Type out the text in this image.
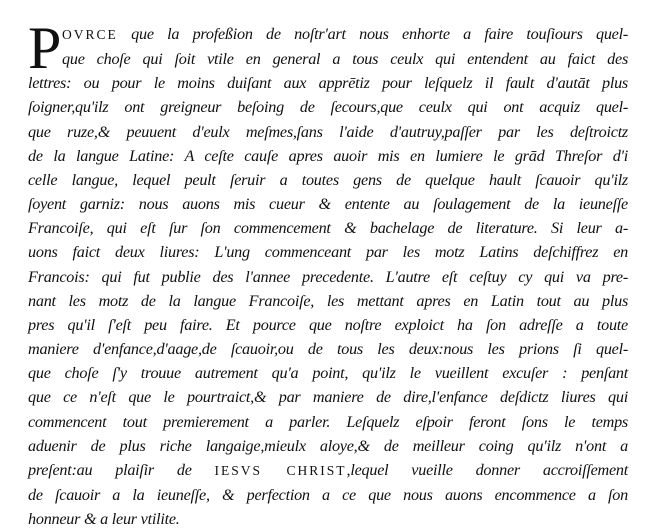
P OVRCE que la profeßion de noſtr'art nous enhorte a faire touſiours quel-
que choſe qui ſoit vtile en general a tous ceulx qui entendent au faict des
lettres: ou pour le moins duiſant aux apprētiz pour leſquelz il fault d'autāt plus
ſoigner,qu'ilz ont greigneur beſoing de ſecours,que ceulx qui ont acquiz quel-
que ruze,& peuuent d'eulx meſmes,ſans l'aide d'autruy,paſſer par les deſtroictz
de la langue Latine: A ceſte cauſe apres auoir mis en lumiere le grād Threſor d'i
celle langue, lequel peult ſeruir a toutes gens de quelque hault ſcauoir qu'ilz
ſoyent garniz: nous auons mis cueur & entente au ſoulagement de la ieuneſſe
Francoiſe, qui eſt ſur ſon commencement & bachelage de literature. Si leur a-
uons faict deux liures: L'ung commenceant par les motz Latins deſchiffrez en
Francois: qui fut publie des l'annee precedente. L'autre eſt ceſtuy cy qui va pre-
nant les motz de la langue Francoiſe, les mettant apres en Latin tout au plus
pres qu'il ſ'eſt peu faire. Et pource que noſtre exploict ha ſon adreſſe a toute
maniere d'enfance,d'aage,de ſcauoir,ou de tous les deux:nous les prions ſi quel-
que choſe ſ'y trouue autrement qu'a point, qu'ilz le vueillent excuſer : penſant
que ce n'eſt que le pourtraict,& par maniere de dire,l'enfance deſdictz liures qui
commencent tout premierement a parler. Leſquelz eſpoir feront ſons le temps
aduenir de plus riche langaige,mieulx aloye,& de meilleur coing qu'ilz n'ont a
preſent:au plaiſir de IESVS CHRIST,lequel vueille donner accroiſſement
de ſcauoir a la ieuneſſe, & perfection a ce que nous auons encommence a ſon
honneur & a leur vtilite.
